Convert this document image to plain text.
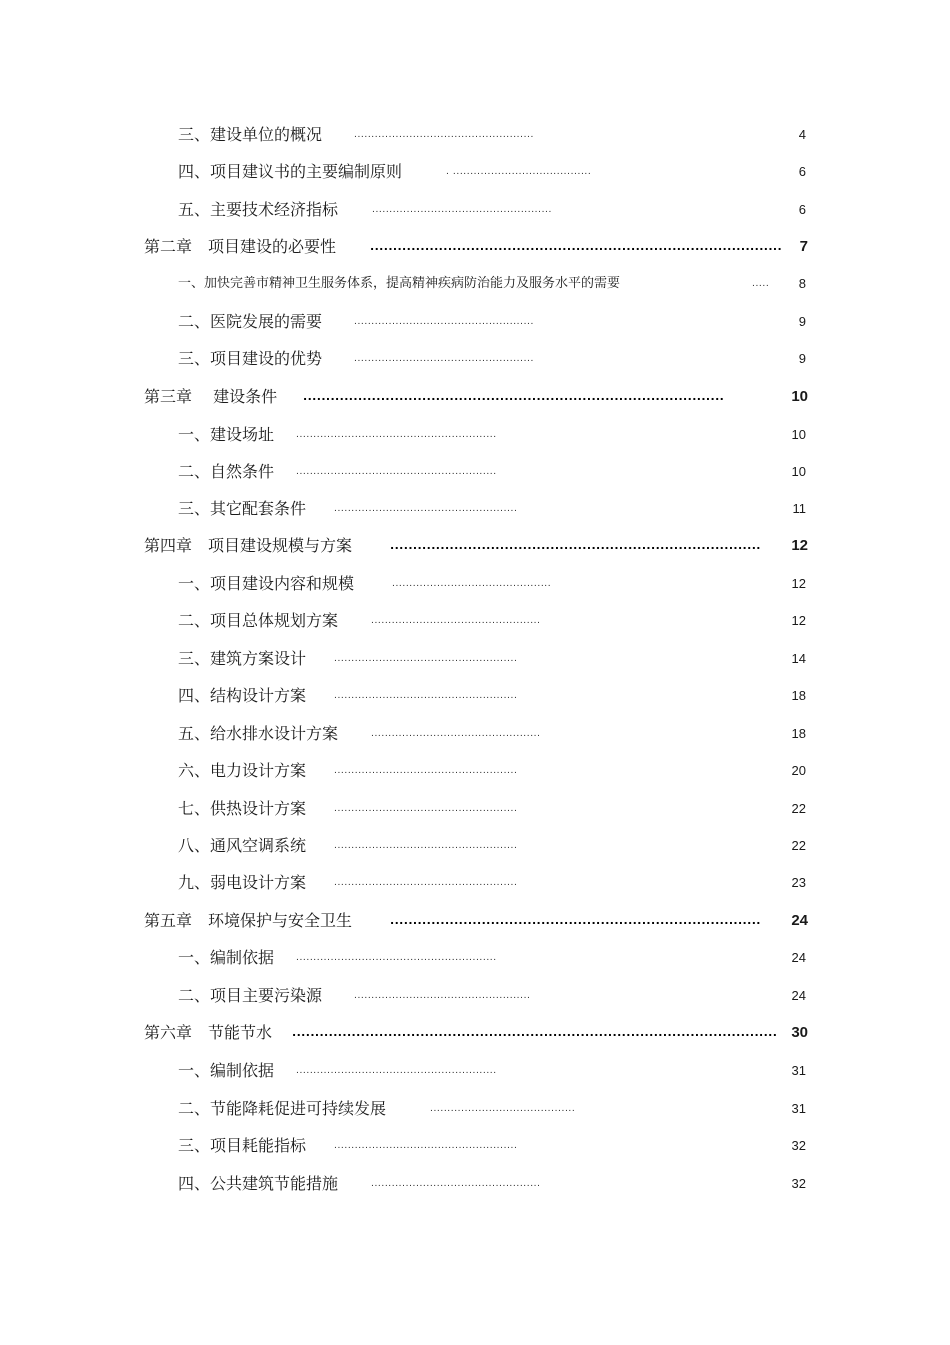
三、建设单位的概况	....................................................	4
四、项目建议书的主要编制原则	. ........................................	6
五、主要技术经济指标	....................................................	6
第二章　项目建设的必要性	..........................................................................................	7
一、加快完善市精神卫生服务体系，提高精神疾病防治能力及服务水平的需要	.....	8
二、医院发展的需要	....................................................	9
三、项目建设的优势	....................................................	9
第三章　 建设条件 ............................................................................................	10
一、建设场址 ..........................................................	10
二、自然条件 ..........................................................	10
三、其它配套条件	.....................................................	11
第四章　项目建设规模与方案	.................................................................................	12
一、项目建设内容和规模	..............................................	12
二、项目总体规划方案	.................................................	12
三、建筑方案设计	.....................................................	14
四、结构设计方案	.....................................................	18
五、给水排水设计方案	.................................................	18
六、电力设计方案	.....................................................	20
七、供热设计方案	.....................................................	22
八、通风空调系统	.....................................................	22
九、弱电设计方案	.....................................................	23
第五章　环境保护与安全卫生	.................................................................................	24
一、编制依据 ..........................................................	24
二、项目主要污染源	...................................................	24
第六章　节能节水 .......................................................................................................... 30
一、编制依据 ..........................................................	31
二、节能降耗促进可持续发展	..........................................	31
三、项目耗能指标	.....................................................	32
四、公共建筑节能措施	.................................................	32
